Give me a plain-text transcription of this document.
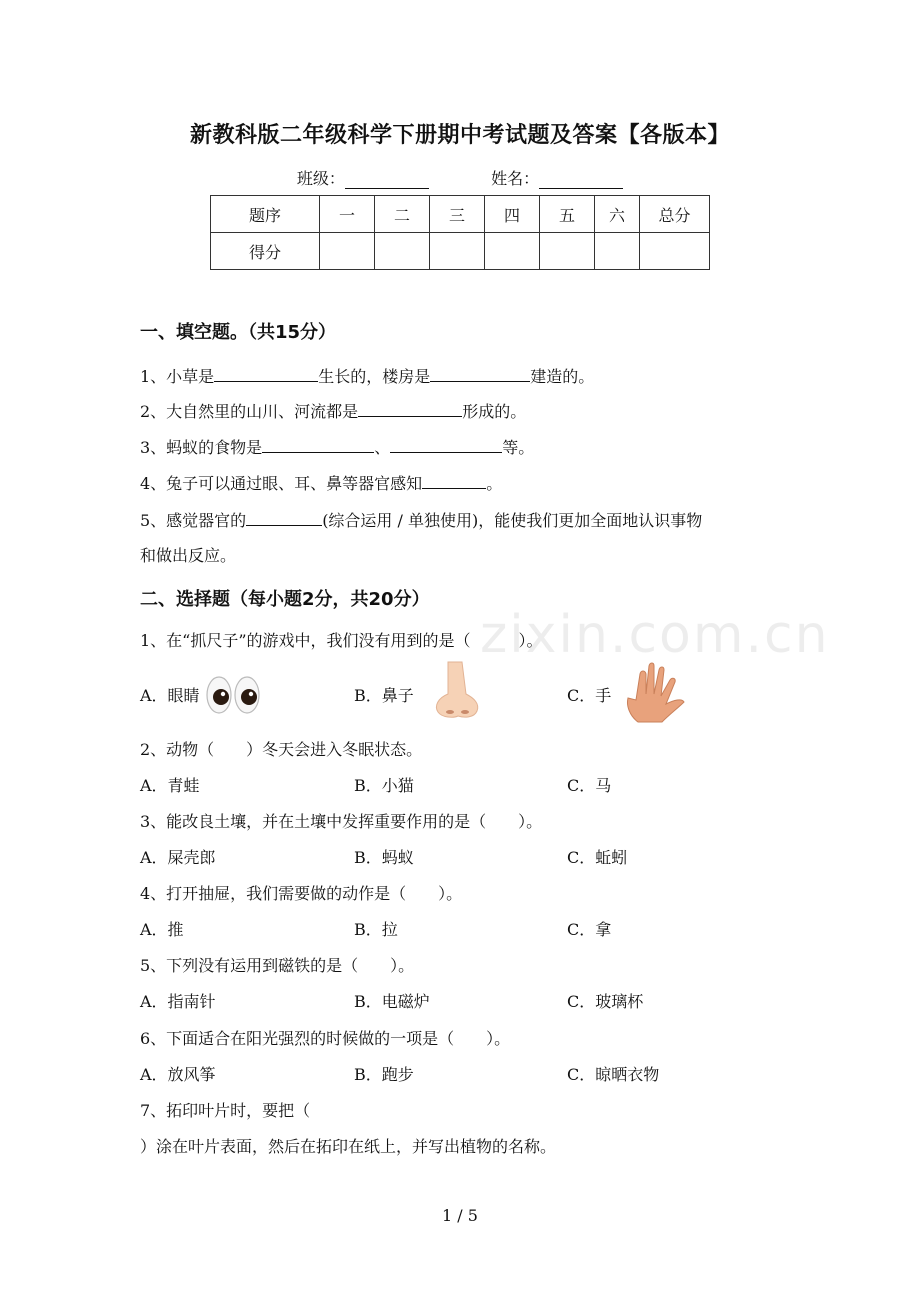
新教科版二年级科学下册期中考试题及答案【各版本】
班级：	姓名：
题序	一	二	三	四	五	六	总分
得分							
一、填空题。（共15分）
1、小草是	生长的，楼房是	建造的。
2、大自然里的山川、河流都是	形成的。
3、蚂蚁的食物是	、	等。
4、兔子可以通过眼、耳、鼻等器官感知	。
5、感觉器官的	(综合运用 / 单独使用)，能使我们更加全面地认识事物
和做出反应。
二、选择题（每小题2分，共20分）
zixin.com.cn
1、在“抓尺子”的游戏中，我们没有用到的是（　　　）。
A．眼睛	B．鼻子	C．手
2、动物（　　）冬天会进入冬眠状态。
A．青蛙	B．小猫	C．马
3、能改良土壤，并在土壤中发挥重要作用的是（　　）。
A．屎壳郎	B．蚂蚁	C．蚯蚓
4、打开抽屉，我们需要做的动作是（　　）。
A．推	B．拉	C．拿
5、下列没有运用到磁铁的是（　　）。
A．指南针	B．电磁炉	C．玻璃杯
6、下面适合在阳光强烈的时候做的一项是（　　）。
A．放风筝	B．跑步	C．晾晒衣物
7、拓印叶片时，要把（
）涂在叶片表面，然后在拓印在纸上，并写出植物的名称。
1 / 5
